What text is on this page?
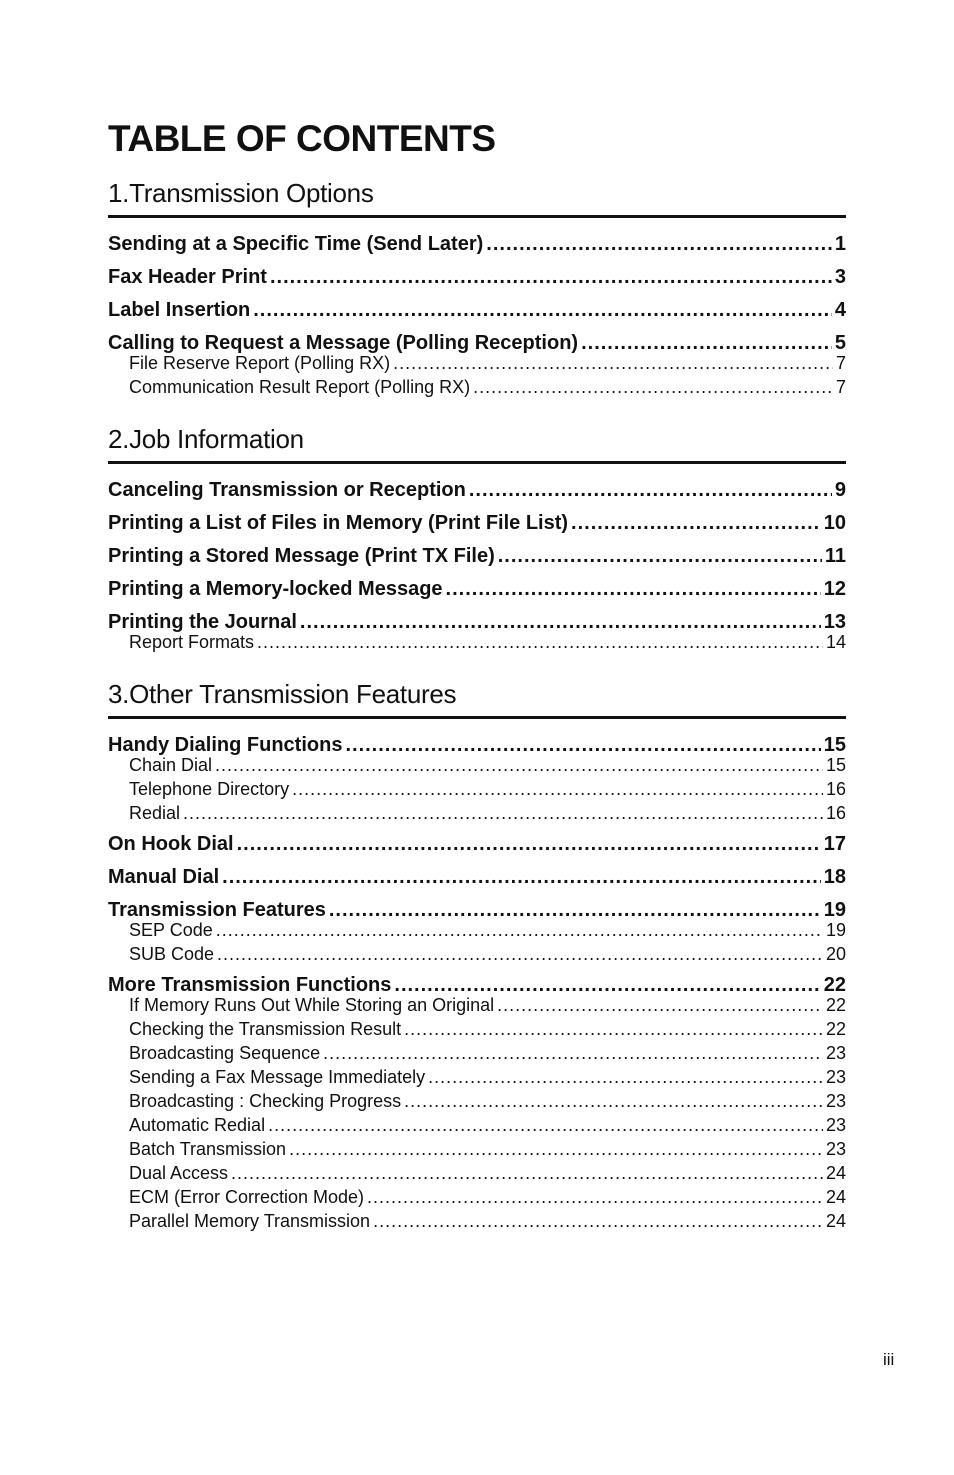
TABLE OF CONTENTS
1.Transmission Options
Sending at a Specific Time (Send Later) .....	1
Fax Header Print .....	3
Label Insertion .....	4
Calling to Request a Message (Polling Reception) .....	5
File Reserve Report (Polling RX) .....	7
Communication Result Report (Polling RX) .....	7
2.Job Information
Canceling Transmission or Reception .....	9
Printing a List of Files in Memory (Print File List) .....	10
Printing a Stored Message (Print TX File) .....	11
Printing a Memory-locked Message .....	12
Printing the Journal .....	13
Report Formats .....	14
3.Other Transmission Features
Handy Dialing Functions .....	15
Chain Dial .....	15
Telephone Directory .....	16
Redial .....	16
On Hook Dial .....	17
Manual Dial .....	18
Transmission Features .....	19
SEP Code .....	19
SUB Code .....	20
More Transmission Functions .....	22
If Memory Runs Out While Storing an Original .....	22
Checking the Transmission Result .....	22
Broadcasting Sequence .....	23
Sending a Fax Message Immediately .....	23
Broadcasting : Checking Progress .....	23
Automatic Redial .....	23
Batch Transmission .....	23
Dual Access .....	24
ECM (Error Correction Mode) .....	24
Parallel Memory Transmission .....	24
iii
